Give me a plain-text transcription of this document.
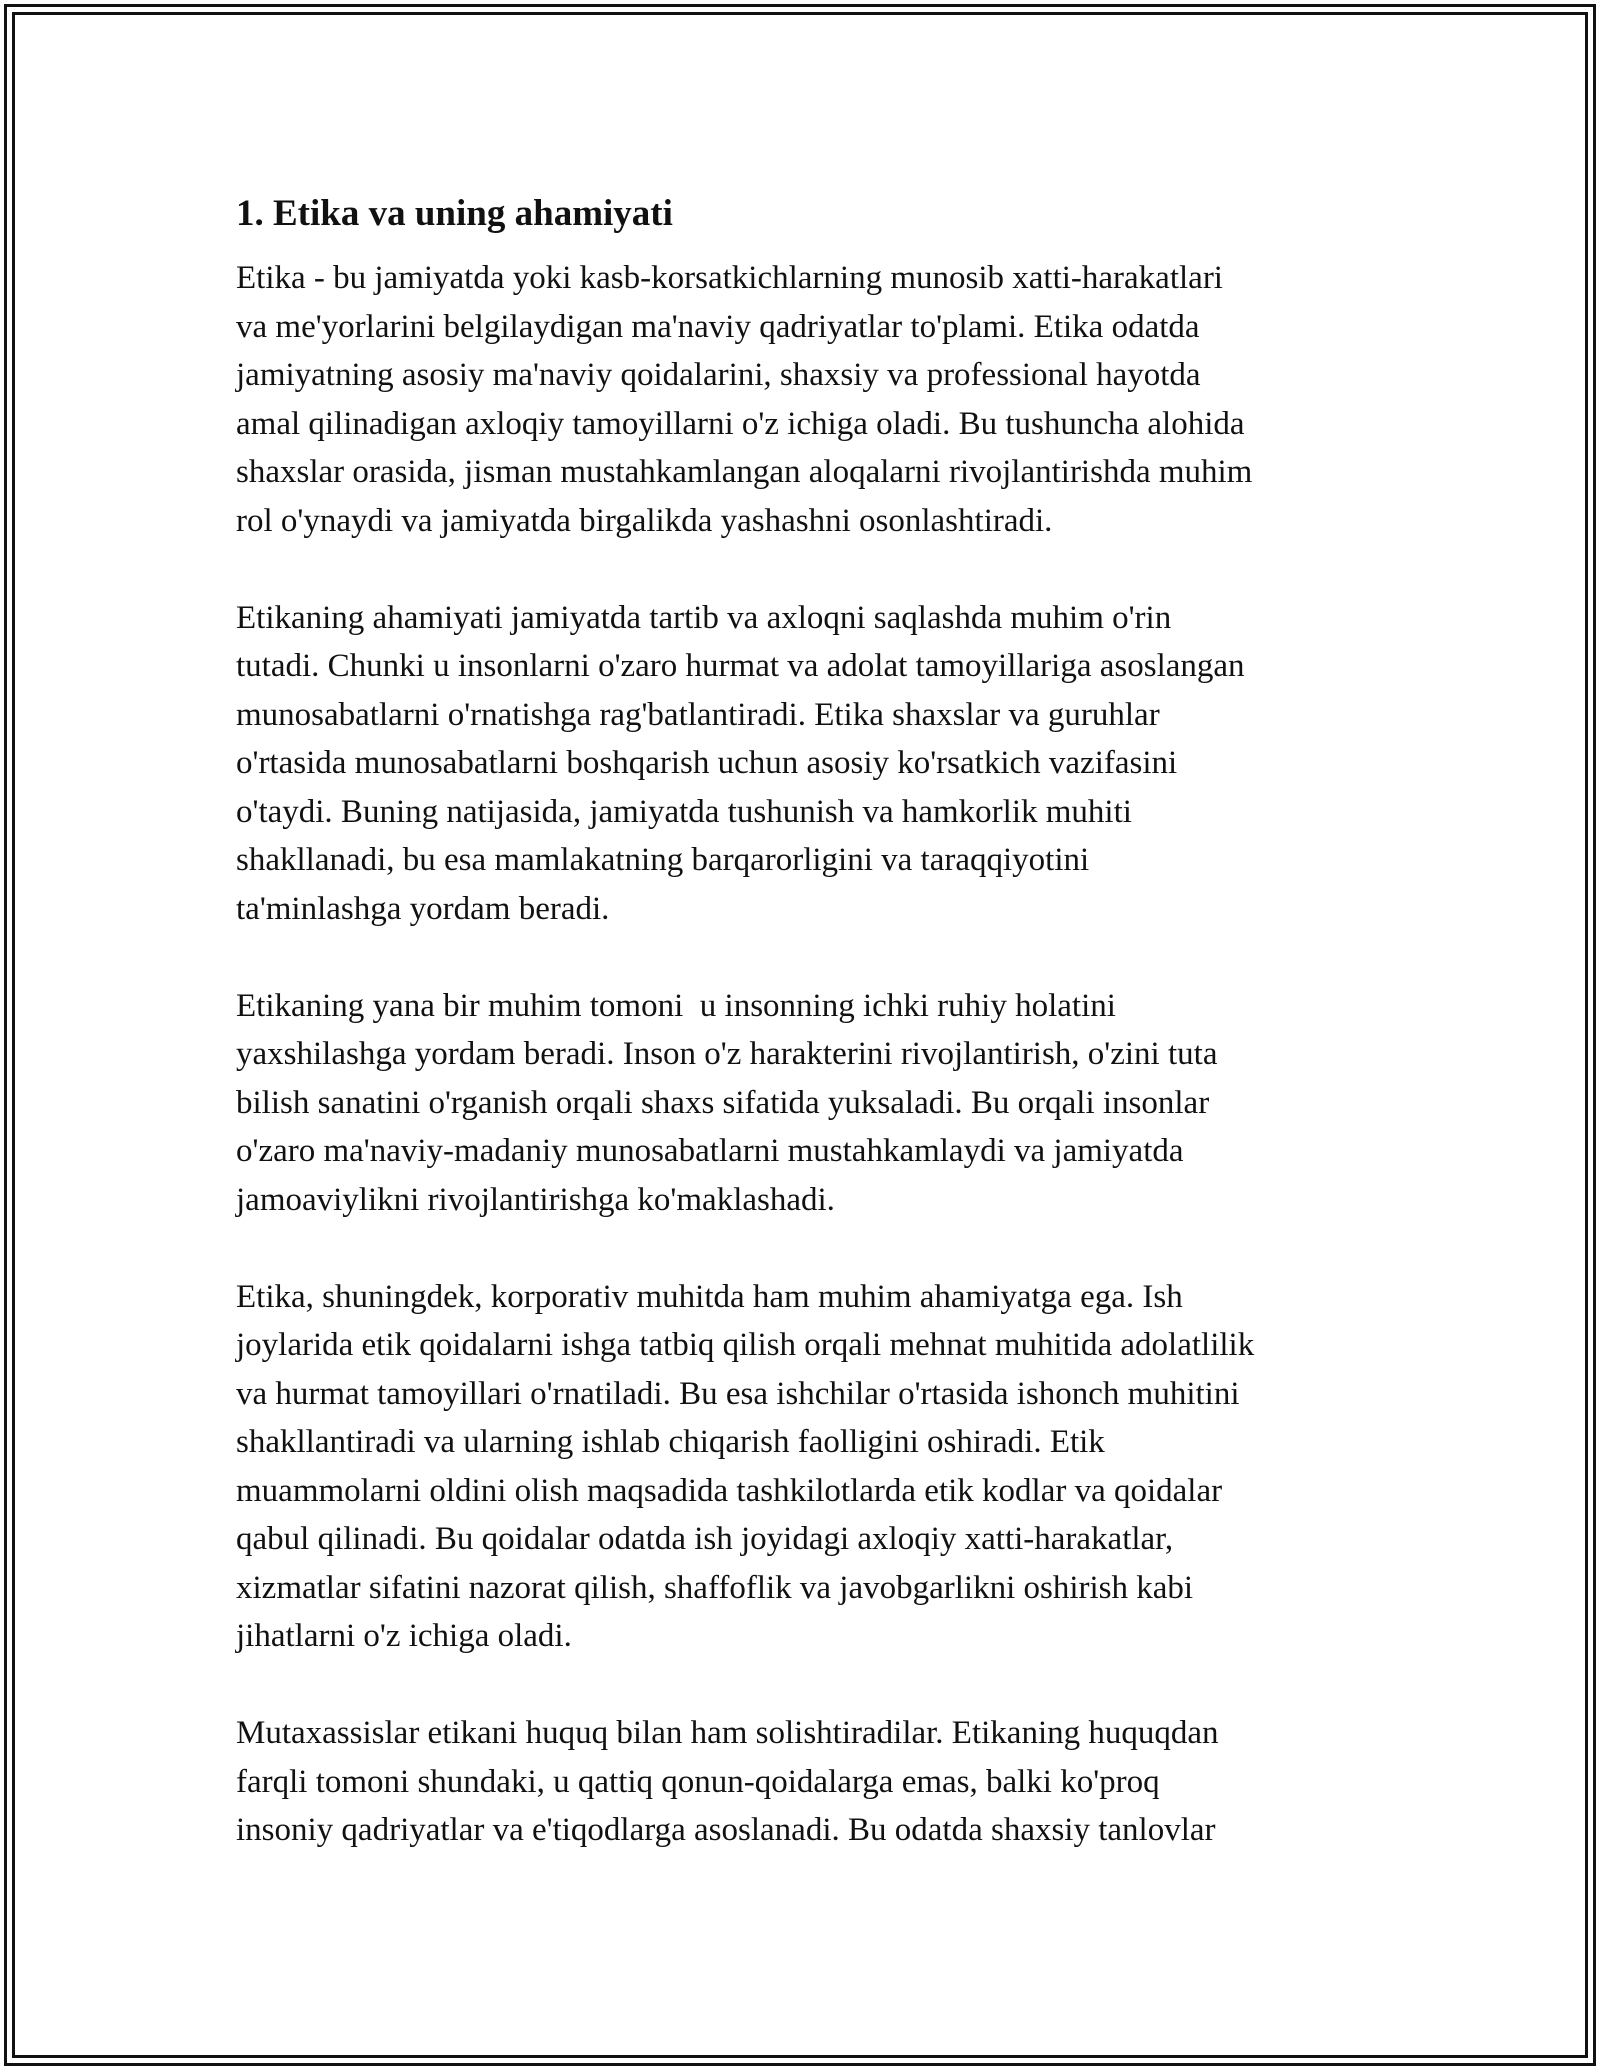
1. Etika va uning ahamiyati

Etika - bu jamiyatda yoki kasb-korsatkichlarning munosib xatti-harakatlari
va me'yorlarini belgilaydigan ma'naviy qadriyatlar to'plami. Etika odatda
jamiyatning asosiy ma'naviy qoidalarini, shaxsiy va professional hayotda
amal qilinadigan axloqiy tamoyillarni o'z ichiga oladi. Bu tushuncha alohida
shaxslar orasida, jisman mustahkamlangan aloqalarni rivojlantirishda muhim
rol o'ynaydi va jamiyatda birgalikda yashashni osonlashtiradi.

Etikaning ahamiyati jamiyatda tartib va axloqni saqlashda muhim o'rin
tutadi. Chunki u insonlarni o'zaro hurmat va adolat tamoyillariga asoslangan
munosabatlarni o'rnatishga rag'batlantiradi. Etika shaxslar va guruhlar
o'rtasida munosabatlarni boshqarish uchun asosiy ko'rsatkich vazifasini
o'taydi. Buning natijasida, jamiyatda tushunish va hamkorlik muhiti
shakllanadi, bu esa mamlakatning barqarorligini va taraqqiyotini
ta'minlashga yordam beradi.

Etikaning yana bir muhim tomoni  u insonning ichki ruhiy holatini
yaxshilashga yordam beradi. Inson o'z harakterini rivojlantirish, o'zini tuta
bilish sanatini o'rganish orqali shaxs sifatida yuksaladi. Bu orqali insonlar
o'zaro ma'naviy-madaniy munosabatlarni mustahkamlaydi va jamiyatda
jamoaviylikni rivojlantirishga ko'maklashadi.

Etika, shuningdek, korporativ muhitda ham muhim ahamiyatga ega. Ish
joylarida etik qoidalarni ishga tatbiq qilish orqali mehnat muhitida adolatlilik
va hurmat tamoyillari o'rnatiladi. Bu esa ishchilar o'rtasida ishonch muhitini
shakllantiradi va ularning ishlab chiqarish faolligini oshiradi. Etik
muammolarni oldini olish maqsadida tashkilotlarda etik kodlar va qoidalar
qabul qilinadi. Bu qoidalar odatda ish joyidagi axloqiy xatti-harakatlar,
xizmatlar sifatini nazorat qilish, shaffoflik va javobgarlikni oshirish kabi
jihatlarni o'z ichiga oladi.

Mutaxassislar etikani huquq bilan ham solishtiradilar. Etikaning huquqdan
farqli tomoni shundaki, u qattiq qonun-qoidalarga emas, balki ko'proq
insoniy qadriyatlar va e'tiqodlarga asoslanadi. Bu odatda shaxsiy tanlovlar
